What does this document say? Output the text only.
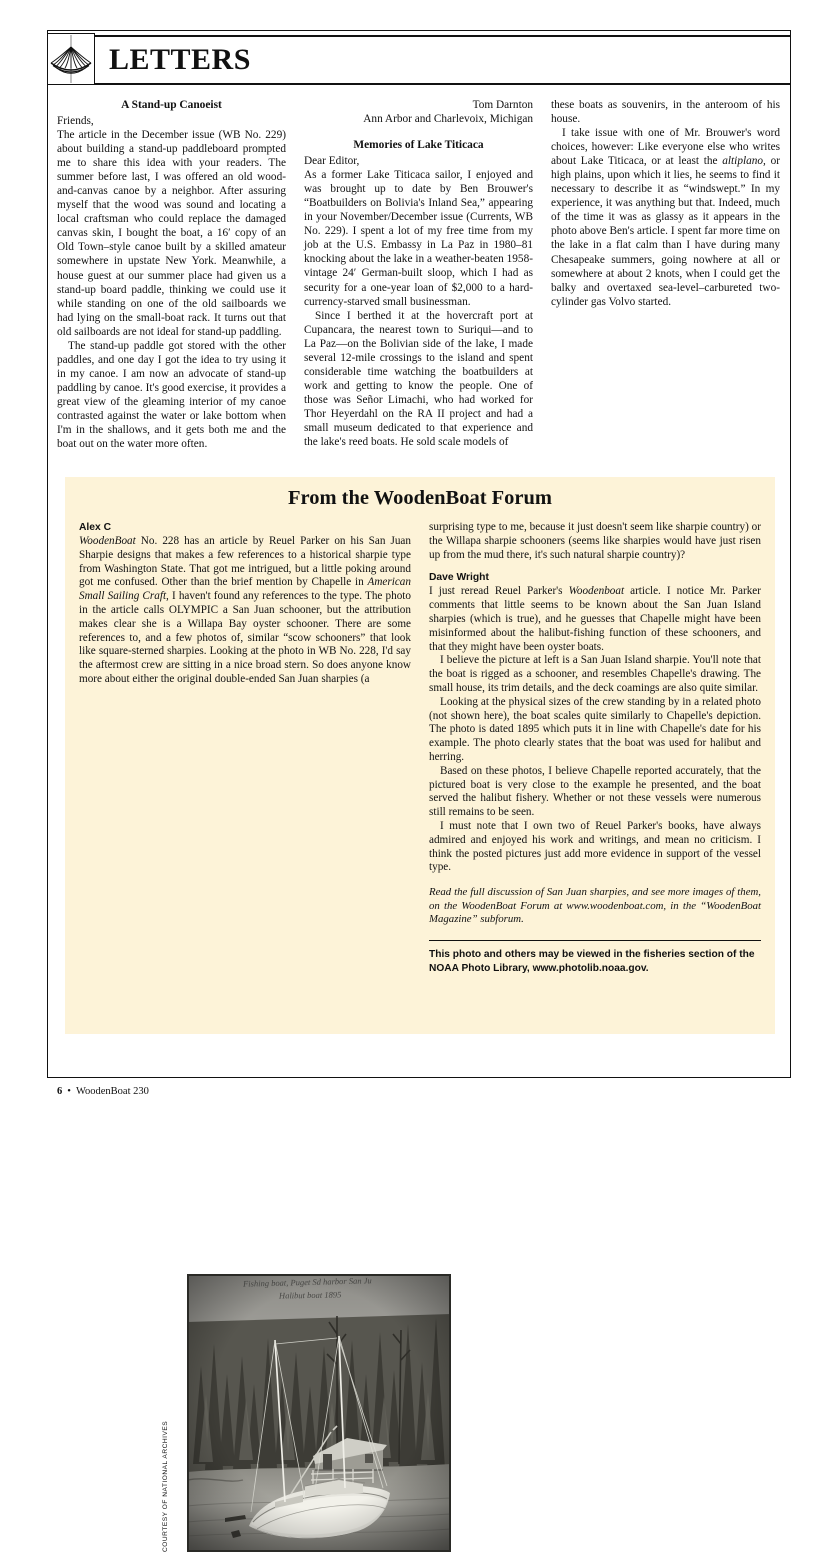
LETTERS
A Stand-up Canoeist

Friends,

The article in the December issue (WB No. 229) about building a stand-up paddleboard prompted me to share this idea with your readers. The summer before last, I was offered an old wood-and-canvas canoe by a neighbor. After assuring myself that the wood was sound and locating a local craftsman who could replace the damaged canvas skin, I bought the boat, a 16′ copy of an Old Town–style canoe built by a skilled amateur somewhere in upstate New York. Meanwhile, a house guest at our summer place had given us a stand-up board paddle, thinking we could use it while standing on one of the old sailboards we had lying on the small-boat rack. It turns out that old sailboards are not ideal for stand-up paddling.

The stand-up paddle got stored with the other paddles, and one day I got the idea to try using it in my canoe. I am now an advocate of stand-up paddling by canoe. It's good exercise, it provides a great view of the gleaming interior of my canoe contrasted against the water or lake bottom when I'm in the shallows, and it gets both me and the boat out on the water more often.

Tom Darnton

Ann Arbor and Charlevoix, Michigan

Memories of Lake Titicaca

Dear Editor,

As a former Lake Titicaca sailor, I enjoyed and was brought up to date by Ben Brouwer's “Boatbuilders on Bolivia's Inland Sea,” appearing in your November/December issue (Currents, WB No. 229). I spent a lot of my free time from my job at the U.S. Embassy in La Paz in 1980–81 knocking about the lake in a weather-beaten 1958-vintage 24′ German-built sloop, which I had as security for a one-year loan of $2,000 to a hard-currency-starved small businessman.

Since I berthed it at the hovercraft port at Cupancara, the nearest town to Suriqui—and to La Paz—on the Bolivian side of the lake, I made several 12-mile crossings to the island and spent considerable time watching the boatbuilders at work and getting to know the people. One of those was Señor Limachi, who had worked for Thor Heyerdahl on the RA II project and had a small museum dedicated to that experience and the lake's reed boats. He sold scale models of

these boats as souvenirs, in the anteroom of his house.

I take issue with one of Mr. Brouwer's word choices, however: Like everyone else who writes about Lake Titicaca, or at least the altiplano, or high plains, upon which it lies, he seems to find it necessary to describe it as “windswept.” In my experience, it was anything but that. Indeed, much of the time it was as glassy as it appears in the photo above Ben's article. I spent far more time on the lake in a flat calm than I have during many Chesapeake summers, going nowhere at all or somewhere at about 2 knots, when I could get the balky and overtaxed sea-level–carbureted two-cylinder gas Volvo started.

From the WoodenBoat Forum

Alex C

WoodenBoat No. 228 has an article by Reuel Parker on his San Juan Sharpie designs that makes a few references to a historical sharpie type from Washington State. That got me intrigued, but a little poking around got me confused. Other than the brief mention by Chapelle in American Small Sailing Craft, I haven't found any references to the type. The photo in the article calls OLYMPIC a San Juan schooner, but the attribution makes clear she is a Willapa Bay oyster schooner. There are some references to, and a few photos of, similar “scow schooners” that look like square-sterned sharpies. Looking at the photo in WB No. 228, I'd say the aftermost crew are sitting in a nice broad stern. So does anyone know more about either the original double-ended San Juan sharpies (a

COURTESY OF NATIONAL ARCHIVES
Fishing boat, Puget Sd harbor San Ju
Halibut boat 1895

surprising type to me, because it just doesn't seem like sharpie country) or the Willapa sharpie schooners (seems like sharpies would have just risen up from the mud there, it's such natural sharpie country)?

Dave Wright

I just reread Reuel Parker's Woodenboat article. I notice Mr. Parker comments that little seems to be known about the San Juan Island sharpies (which is true), and he guesses that Chapelle might have been misinformed about the halibut-fishing function of these schooners, and that they might have been oyster boats.

I believe the picture at left is a San Juan Island sharpie. You'll note that the boat is rigged as a schooner, and resembles Chapelle's drawing. The small house, its trim details, and the deck coamings are also quite similar.

Looking at the physical sizes of the crew standing by in a related photo (not shown here), the boat scales quite similarly to Chapelle's depiction. The photo is dated 1895 which puts it in line with Chapelle's date for his example. The photo clearly states that the boat was used for halibut and herring.

Based on these photos, I believe Chapelle reported accurately, that the pictured boat is very close to the example he presented, and the boat served the halibut fishery. Whether or not these vessels were numerous still remains to be seen.

I must note that I own two of Reuel Parker's books, have always admired and enjoyed his work and writings, and mean no criticism. I think the posted pictures just add more evidence in support of the vessel type.

Read the full discussion of San Juan sharpies, and see more images of them, on the WoodenBoat Forum at www.woodenboat.com, in the “WoodenBoat Magazine” subforum.

This photo and others may be viewed in the fisheries section of the NOAA Photo Library, www.photolib.noaa.gov.

6 • WoodenBoat 230
